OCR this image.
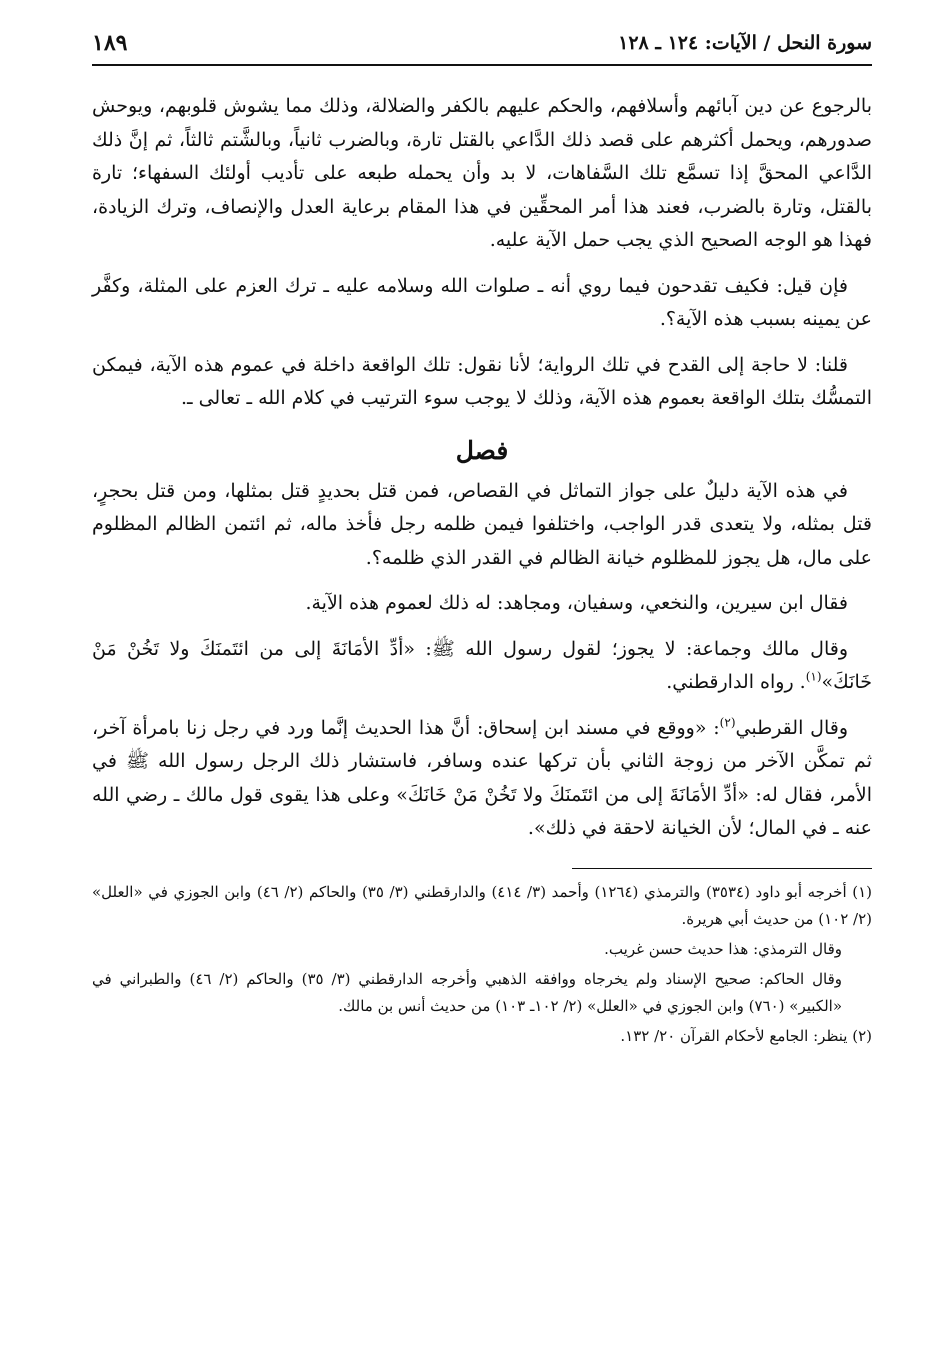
سورة النحل / الآيات: ١٢٤ ـ ١٢٨
١٨٩

بالرجوع عن دين آبائهم وأسلافهم، والحكم عليهم بالكفر والضلالة، وذلك مما يشوش قلوبهم، ويوحش صدورهم، ويحمل أكثرهم على قصد ذلك الدَّاعي بالقتل تارة، وبالضرب ثانياً، وبالشَّتم ثالثاً، ثم إنَّ ذلك الدَّاعي المحقَّ إذا تسمَّع تلك السَّفاهات، لا بد وأن يحمله طبعه على تأديب أولئك السفهاء؛ تارة بالقتل، وتارة بالضرب، فعند هذا أمر المحقِّين في هذا المقام برعاية العدل والإنصاف، وترك الزيادة، فهذا هو الوجه الصحيح الذي يجب حمل الآية عليه.

فإن قيل: فكيف تقدحون فيما روي أنه ـ صلوات الله وسلامه عليه ـ ترك العزم على المثلة، وكفَّر عن يمينه بسبب هذه الآية؟.

قلنا: لا حاجة إلى القدح في تلك الرواية؛ لأنا نقول: تلك الواقعة داخلة في عموم هذه الآية، فيمكن التمسُّك بتلك الواقعة بعموم هذه الآية، وذلك لا يوجب سوء الترتيب في كلام الله ـ تعالى ـ.

فصل

في هذه الآية دليلٌ على جواز التماثل في القصاص، فمن قتل بحديدٍ قتل بمثلها، ومن قتل بحجرٍ، قتل بمثله، ولا يتعدى قدر الواجب، واختلفوا فيمن ظلمه رجل فأخذ ماله، ثم ائتمن الظالم المظلوم على مال، هل يجوز للمظلوم خيانة الظالم في القدر الذي ظلمه؟.

فقال ابن سيرين، والنخعي، وسفيان، ومجاهد: له ذلك لعموم هذه الآية.

وقال مالك وجماعة: لا يجوز؛ لقول رسول الله ﷺ: «أدِّ الأمَانَةَ إلى من ائتَمنَكَ ولا تَخُنْ مَنْ خَانَكَ»$^{(١)}$. رواه الدارقطني.

وقال القرطبي$^{(٢)}$: «ووقع في مسند ابن إسحاق: أنَّ هذا الحديث إنَّما ورد في رجل زنا بامرأة آخر، ثم تمكَّن الآخر من زوجة الثاني بأن تركها عنده وسافر، فاستشار ذلك الرجل رسول الله ﷺ في الأمر، فقال له: «أدِّ الأمَانَةَ إلى من ائتَمنَكَ ولا تَخُنْ مَنْ خَانَكَ» وعلى هذا يقوى قول مالك ـ رضي الله عنه ـ في المال؛ لأن الخيانة لاحقة في ذلك».

(١) أخرجه أبو داود (٣٥٣٤) والترمذي (١٢٦٤) وأحمد (٣/ ٤١٤) والدارقطني (٣/ ٣٥) والحاكم (٢/ ٤٦) وابن الجوزي في «العلل» (٢/ ١٠٢) من حديث أبي هريرة.

وقال الترمذي: هذا حديث حسن غريب.

وقال الحاكم: صحيح الإسناد ولم يخرجاه ووافقه الذهبي وأخرجه الدارقطني (٣/ ٣٥) والحاكم (٢/ ٤٦) والطبراني في «الكبير» (٧٦٠) وابن الجوزي في «العلل» (٢/ ١٠٢ـ ١٠٣) من حديث أنس بن مالك.

(٢) ينظر: الجامع لأحكام القرآن ٢٠/ ١٣٢.
